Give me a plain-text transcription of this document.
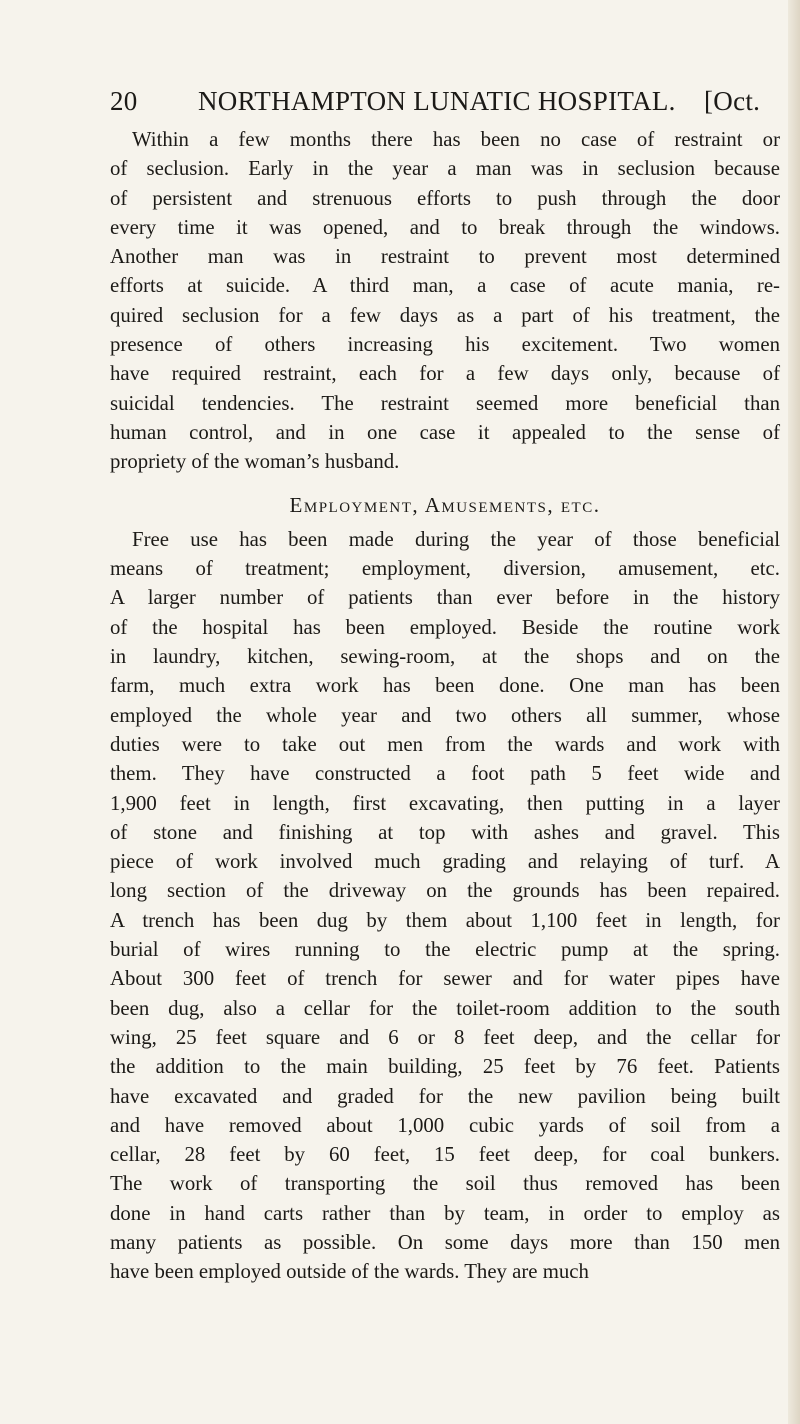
20 NORTHAMPTON LUNATIC HOSPITAL. [Oct.
Within a few months there has been no case of restraint or
of seclusion. Early in the year a man was in seclusion because
of persistent and strenuous efforts to push through the door
every time it was opened, and to break through the windows.
Another man was in restraint to prevent most determined
efforts at suicide. A third man, a case of acute mania, re-
quired seclusion for a few days as a part of his treatment, the
presence of others increasing his excitement. Two women
have required restraint, each for a few days only, because of
suicidal tendencies. The restraint seemed more beneficial than
human control, and in one case it appealed to the sense of
propriety of the woman’s husband.
Employment, Amusements, etc.
Free use has been made during the year of those beneficial
means of treatment; employment, diversion, amusement, etc.
A larger number of patients than ever before in the history
of the hospital has been employed. Beside the routine work
in laundry, kitchen, sewing-room, at the shops and on the
farm, much extra work has been done. One man has been
employed the whole year and two others all summer, whose
duties were to take out men from the wards and work with
them. They have constructed a foot path 5 feet wide and
1,900 feet in length, first excavating, then putting in a layer
of stone and finishing at top with ashes and gravel. This
piece of work involved much grading and relaying of turf. A
long section of the driveway on the grounds has been repaired.
A trench has been dug by them about 1,100 feet in length, for
burial of wires running to the electric pump at the spring.
About 300 feet of trench for sewer and for water pipes have
been dug, also a cellar for the toilet-room addition to the south
wing, 25 feet square and 6 or 8 feet deep, and the cellar for
the addition to the main building, 25 feet by 76 feet. Patients
have excavated and graded for the new pavilion being built
and have removed about 1,000 cubic yards of soil from a
cellar, 28 feet by 60 feet, 15 feet deep, for coal bunkers.
The work of transporting the soil thus removed has been
done in hand carts rather than by team, in order to employ as
many patients as possible. On some days more than 150 men
have been employed outside of the wards. They are much
